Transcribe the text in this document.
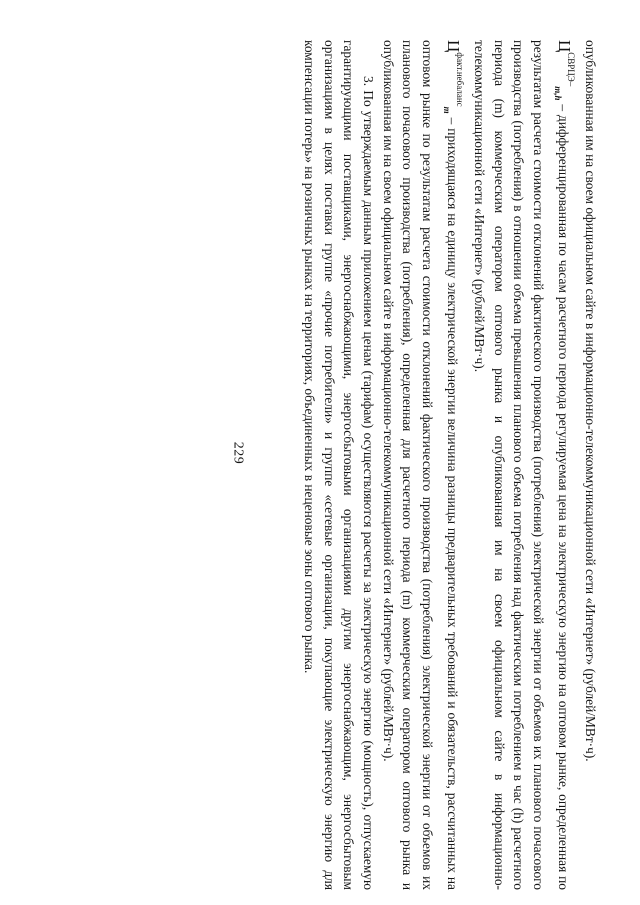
229	опубликованная им на своем официальном сайте в информационно-телекоммуникационной сети «Интернет» (рублей/МВт·ч).

$Ц^{СВРЦЭ-}_{m,h}$ – дифференцированная по часам расчетного периода регулируемая цена на электрическую энергию на оптовом рынке, определенная по результатам расчета стоимости отклонений фактического производства (потребления) электрической энергии от объемов их планового почасового производства (потребления) в отношении объема превышения планового объема потребления над фактическим потреблением в час (h) расчетного периода (m) коммерческим оператором оптового рынка и опубликованная им на своем официальном сайте в информационно-телекоммуникационной сети «Интернет» (рублей/МВт·ч).

$Ц^{факт.небаланс}_m$ – приходящаяся на единицу электрической энергии величина разницы предварительных требований и обязательств, рассчитанных на оптовом рынке по результатам расчета стоимости отклонений фактического производства (потребления) электрической энергии от объемов их планового почасового производства (потребления), определенная для расчетного периода (m) коммерческим оператором оптового рынка и опубликованная им на своем официальном сайте в информационно-телекоммуникационной сети «Интернет» (рублей/МВт·ч).

3. По утверждаемым данным приложением ценам (тарифам) осуществляются расчеты за электрическую энергию (мощность), отпускаемую гарантирующими поставщиками, энергоснабжающими, энергосбытовыми организациями другим энергоснабжающим, энергосбытовым организациям в целях поставки группе «прочие потребители» и группе «сетевые организации, покупающие электрическую энергию для компенсации потерь» на розничных рынках на территориях, объединенных в неценовые зоны оптового рынка.
